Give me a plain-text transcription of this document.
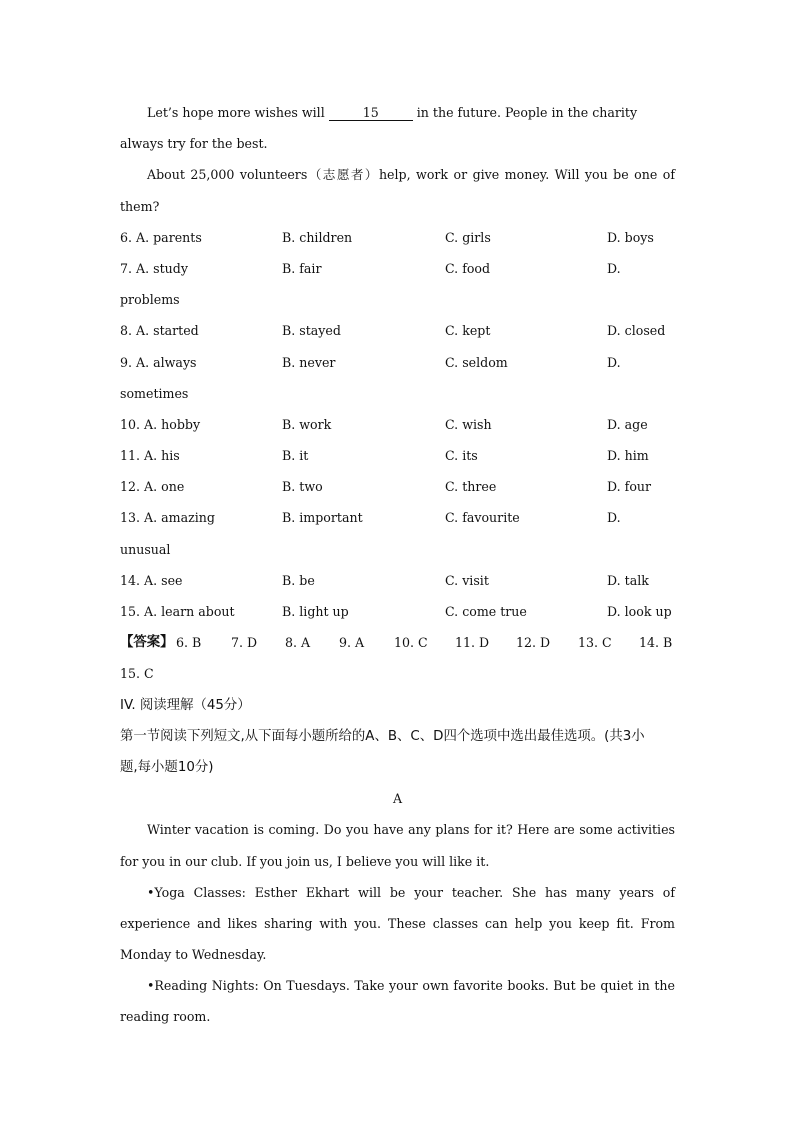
Let’s hope more wishes will	15	in the future. People in the charity
always try for the best.
About 25,000 volunteers（志愿者）help, work or give money. Will you be one of
them?
6. A. parents	B. children	C. girls	D. boys
7. A. study	B. fair	C. food	D.
problems
8. A. started	B. stayed	C. kept	D. closed
9. A. always	B. never	C. seldom	D.
sometimes
10. A. hobby	B. work	C. wish	D. age
11. A. his	B. it	C. its	D. him
12. A. one	B. two	C. three	D. four
13. A. amazing	B. important	C. favourite	D.
unusual
14. A. see	B. be	C. visit	D. talk
15. A. learn about	B. light up	C. come true	D. look up
【答案】 6. B 7. D 8. A 9. A 10. C 11. D 12. D 13. C 14. B
15. C
IV. 阅读理解（45分）
第一节阅读下列短文,从下面每小题所给的A、B、C、D四个选项中选出最佳选项。(共3小
题,每小题10分)
A
Winter vacation is coming. Do you have any plans for it? Here are some activities
for you in our club. If you join us, I believe you will like it.
•Yoga Classes: Esther Ekhart will be your teacher. She has many years of
experience and likes sharing with you. These classes can help you keep fit. From
Monday to Wednesday.
•Reading Nights: On Tuesdays. Take your own favorite books. But be quiet in the
reading room.
